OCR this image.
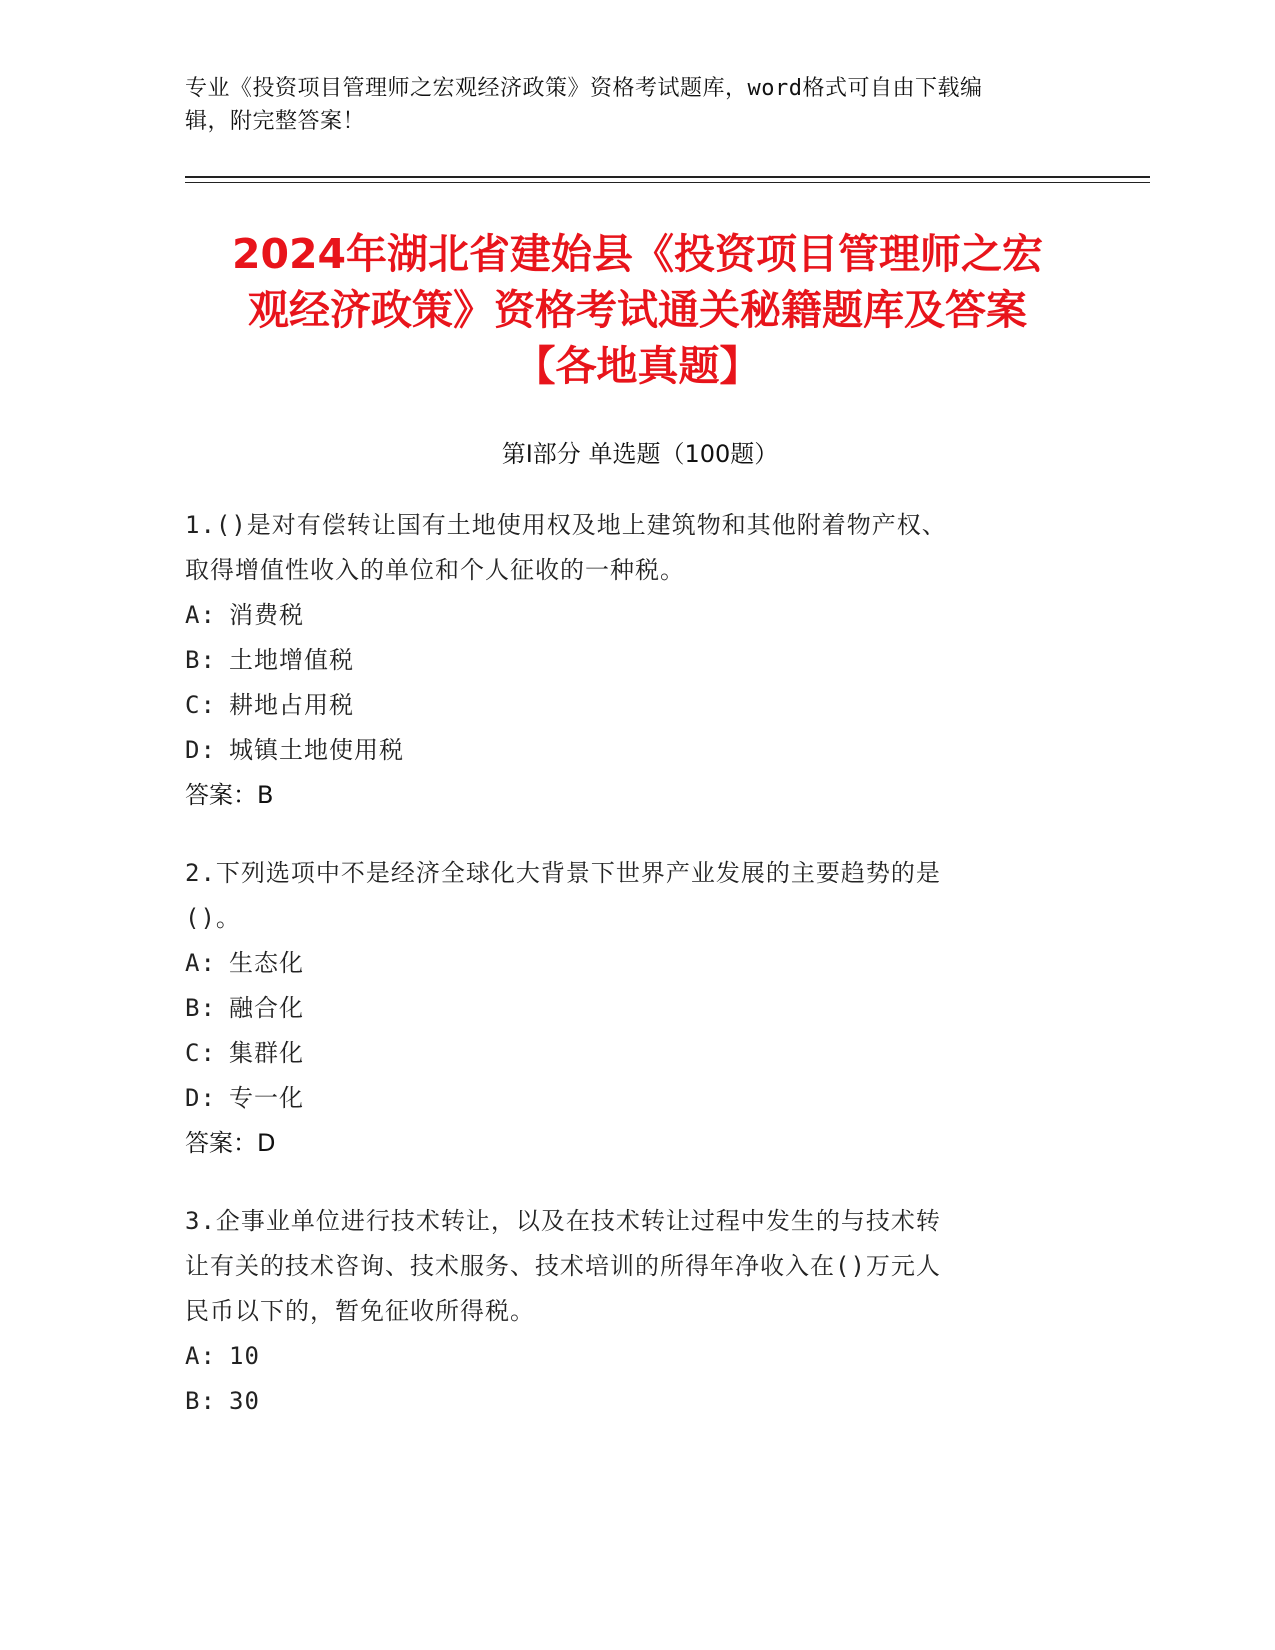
专业《投资项目管理师之宏观经济政策》资格考试题库，word格式可自由下载编
辑，附完整答案！
2024年湖北省建始县《投资项目管理师之宏
观经济政策》资格考试通关秘籍题库及答案
【各地真题】
第Ⅰ部分 单选题（100题）
1.()是对有偿转让国有土地使用权及地上建筑物和其他附着物产权、
取得增值性收入的单位和个人征收的一种税。
A: 消费税
B: 土地增值税
C: 耕地占用税
D: 城镇土地使用税
答案：B
2.下列选项中不是经济全球化大背景下世界产业发展的主要趋势的是
()。
A: 生态化
B: 融合化
C: 集群化
D: 专一化
答案：D
3.企事业单位进行技术转让，以及在技术转让过程中发生的与技术转
让有关的技术咨询、技术服务、技术培训的所得年净收入在()万元人
民币以下的，暂免征收所得税。
A: 10
B: 30
